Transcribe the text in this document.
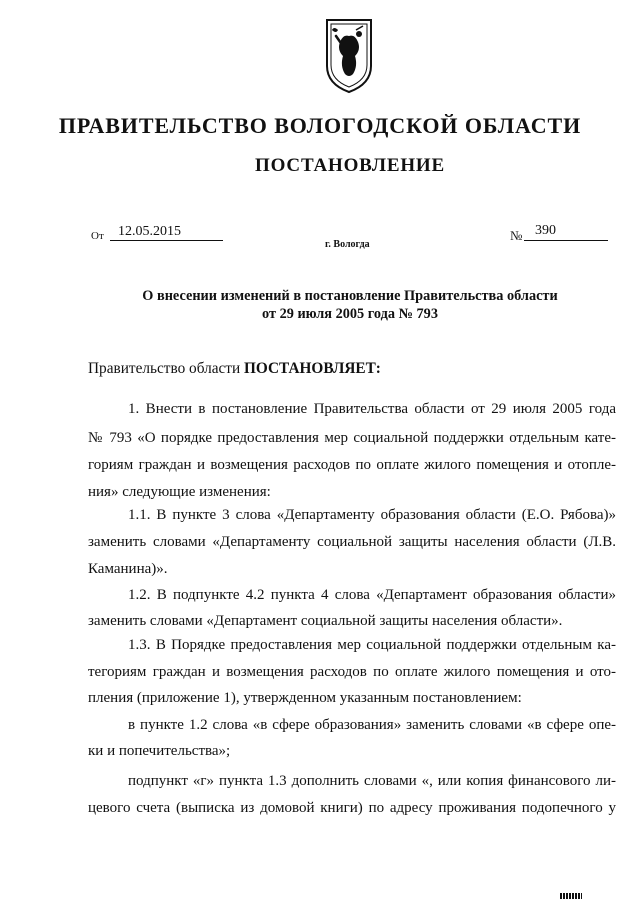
ПРАВИТЕЛЬСТВО ВОЛОГОДСКОЙ ОБЛАСТИ
ПОСТАНОВЛЕНИЕ
От 12.05.2015	№ 390
г. Вологда
О внесении изменений в постановление Правительства области
от 29 июля 2005 года № 793
Правительство области ПОСТАНОВЛЯЕТ:
1. Внести в постановление Правительства области от 29 июля 2005 года
№ 793 «О порядке предоставления мер социальной поддержки отдельным кате-
гориям граждан и возмещения расходов по оплате жилого помещения и отопле-
ния» следующие изменения:
1.1. В пункте 3 слова «Департаменту образования области (Е.О. Рябова)»
заменить словами «Департаменту социальной защиты населения области (Л.В.
Каманина)».
1.2. В подпункте 4.2 пункта 4 слова «Департамент образования области»
заменить словами «Департамент социальной защиты населения области».
1.3. В Порядке предоставления мер социальной поддержки отдельным ка-
тегориям граждан и возмещения расходов по оплате жилого помещения и ото-
пления (приложение 1), утвержденном указанным постановлением:
в пункте 1.2 слова «в сфере образования» заменить словами «в сфере опе-
ки и попечительства»;
подпункт «г» пункта 1.3 дополнить словами «, или копия финансового ли-
цевого счета (выписка из домовой книги) по адресу проживания подопечного у
